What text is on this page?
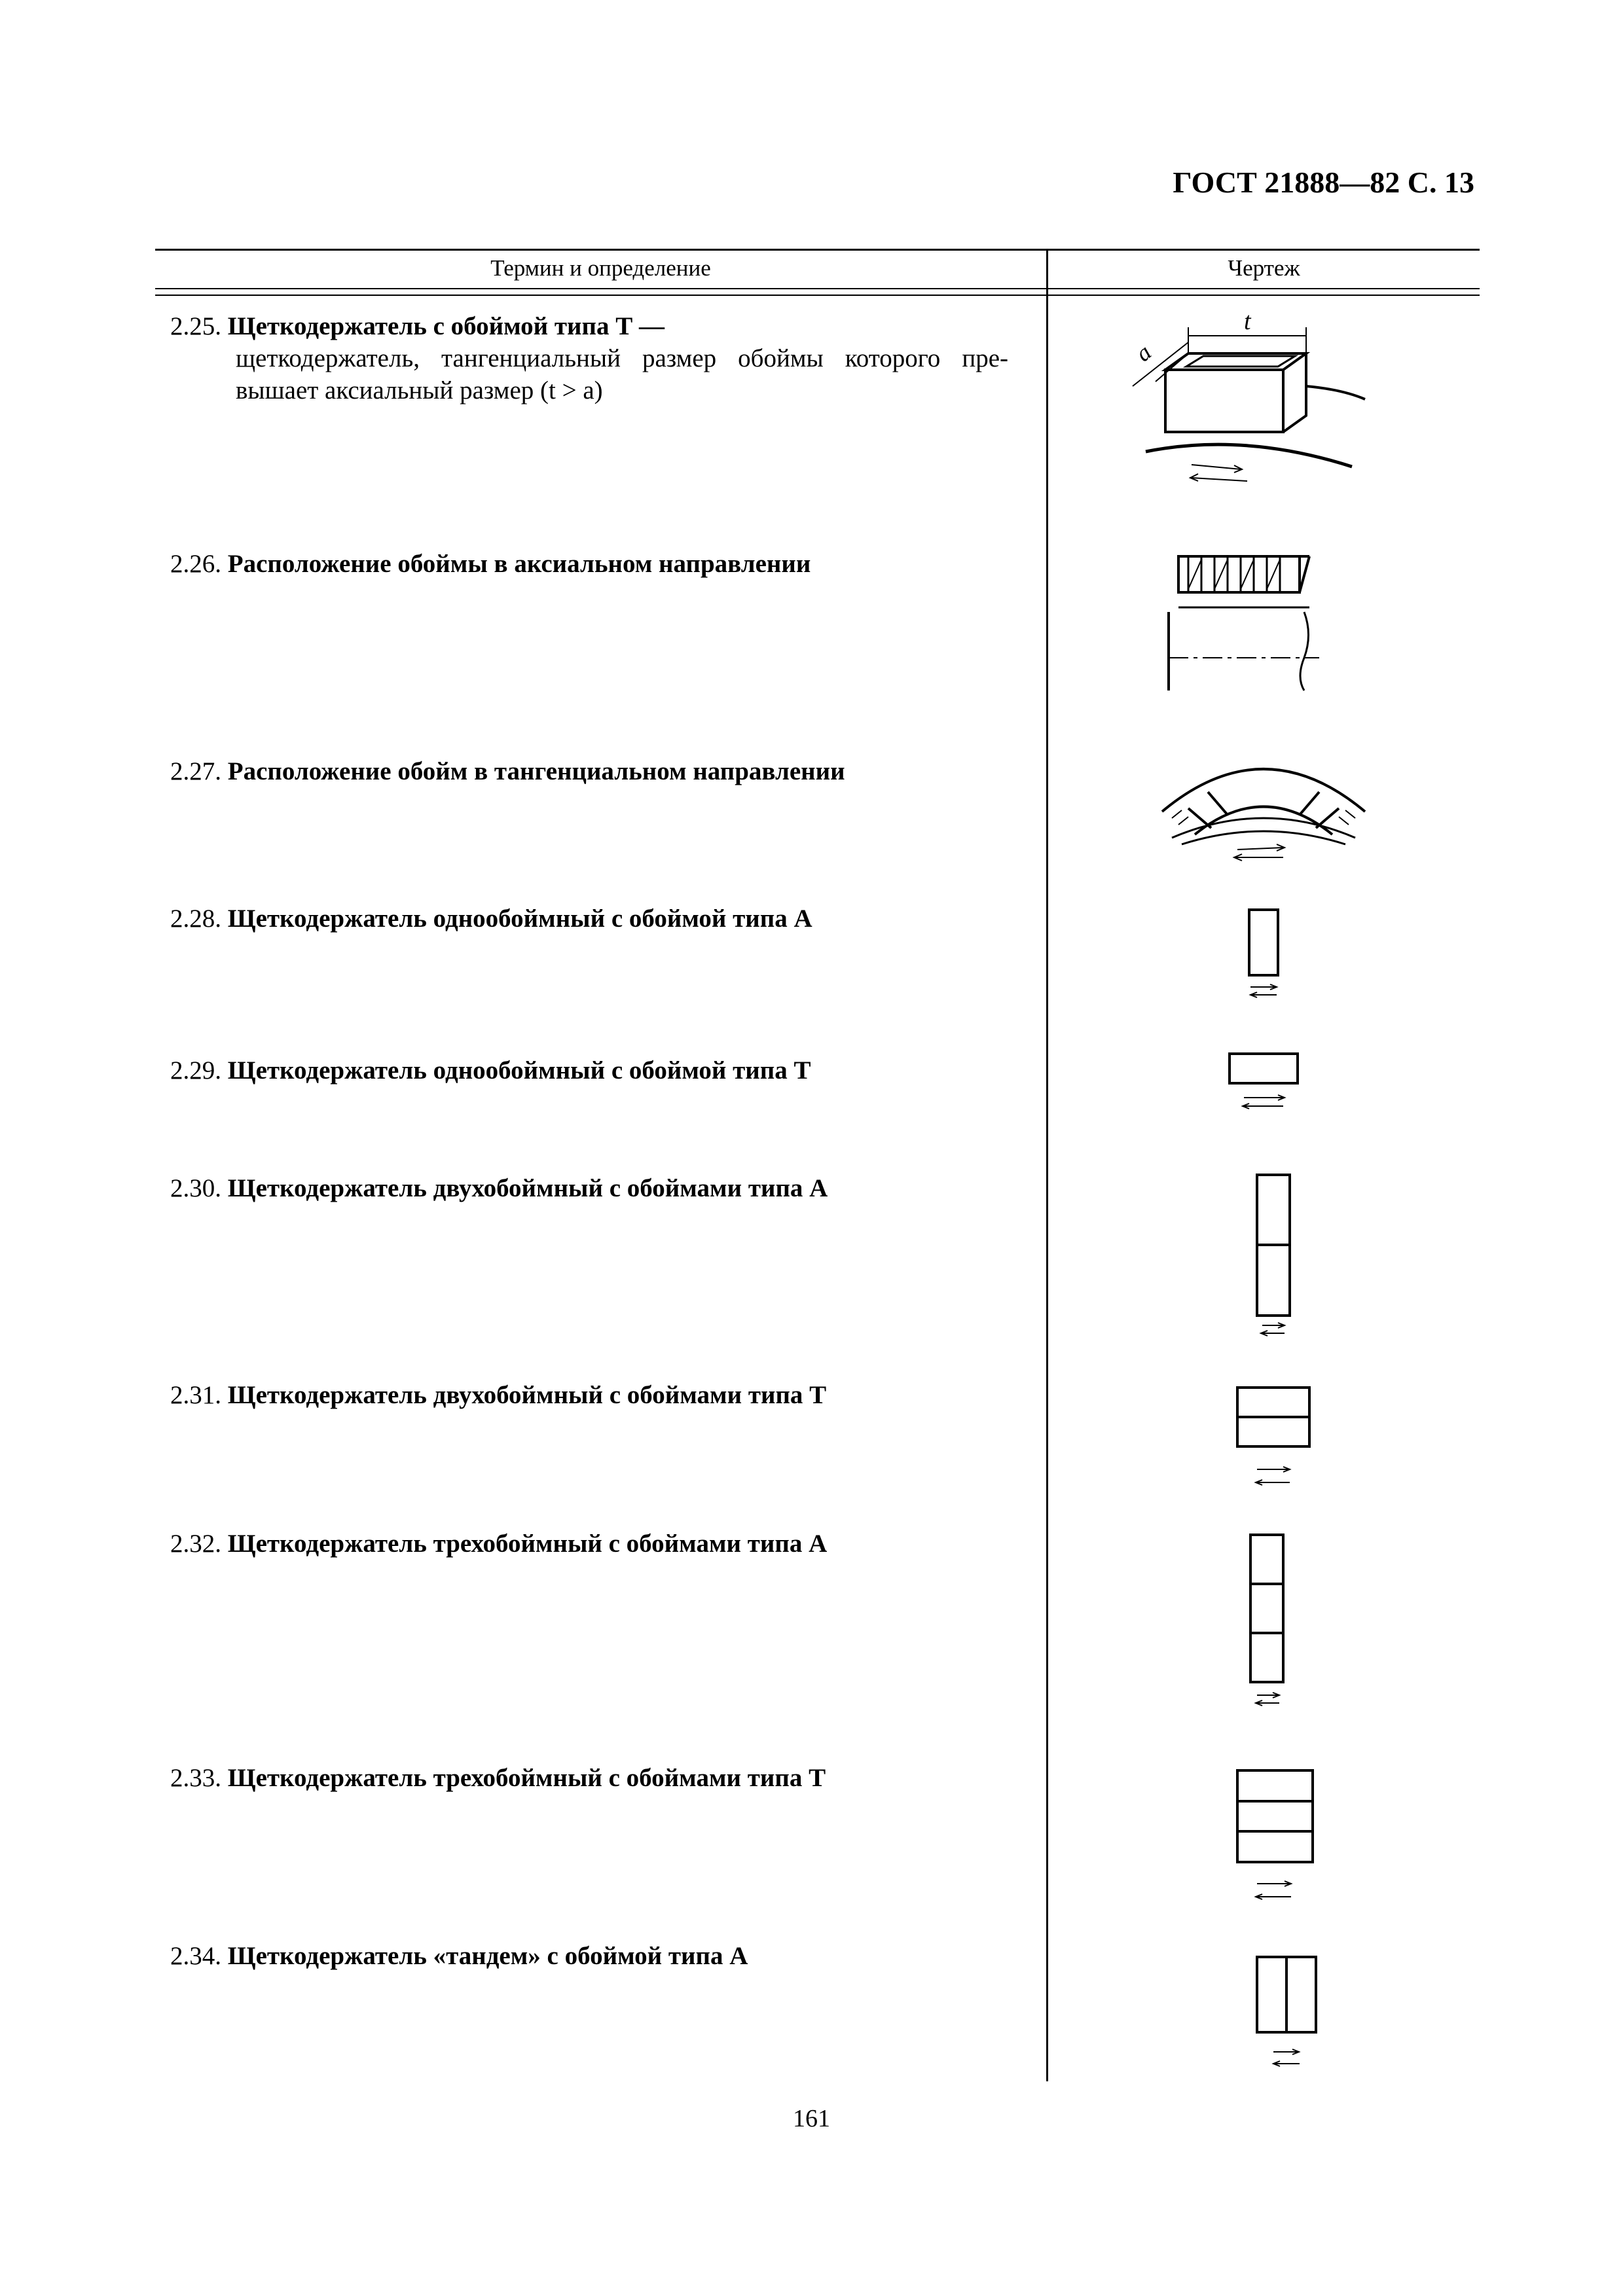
ГОСТ 21888—82 С. 13
Термин и определение	Чертеж
2.25. Щеткодержатель с обоймой типа Т —
щеткодержатель, тангенциальный размер обоймы которого пре-вышает аксиальный размер (t > a)
t
a
2.26. Расположение обоймы в аксиальном направлении
2.27. Расположение обойм в тангенциальном направлении
2.28. Щеткодержатель однообоймный с обоймой типа А
2.29. Щеткодержатель однообоймный с обоймой типа Т
2.30. Щеткодержатель двухобоймный с обоймами типа А
2.31. Щеткодержатель двухобоймный с обоймами типа Т
2.32. Щеткодержатель трехобоймный с обоймами типа А
2.33. Щеткодержатель трехобоймный с обоймами типа Т
2.34. Щеткодержатель «тандем» с обоймой типа А
161
